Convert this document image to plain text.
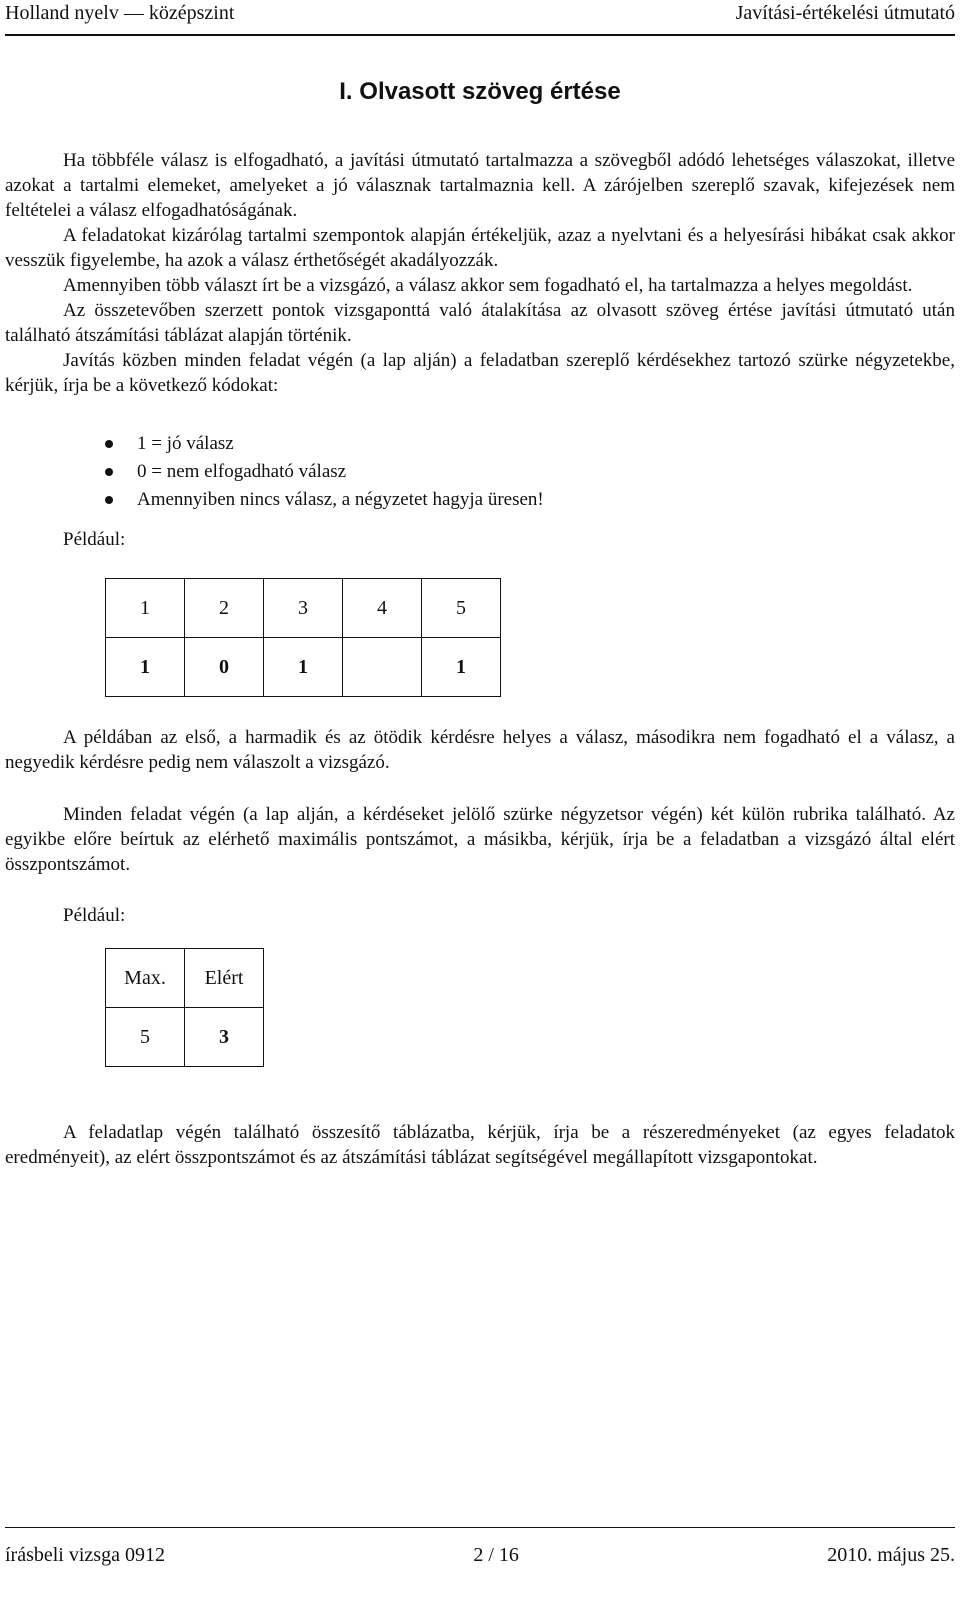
Holland nyelv — középszint	Javítási-értékelési útmutató
I. Olvasott szöveg értése

Ha többféle válasz is elfogadható, a javítási útmutató tartalmazza a szövegből adódó lehetséges válaszokat, illetve azokat a tartalmi elemeket, amelyeket a jó válasznak tartalmaznia kell. A zárójelben szereplő szavak, kifejezések nem feltételei a válasz elfogadhatóságának.

A feladatokat kizárólag tartalmi szempontok alapján értékeljük, azaz a nyelvtani és a helyesírási hibákat csak akkor vesszük figyelembe, ha azok a válasz érthetőségét akadályozzák.

Amennyiben több választ írt be a vizsgázó, a válasz akkor sem fogadható el, ha tartalmazza a helyes megoldást.

Az összetevőben szerzett pontok vizsgaponttá való átalakítása az olvasott szöveg értése javítási útmutató után található átszámítási táblázat alapján történik.

Javítás közben minden feladat végén (a lap alján) a feladatban szereplő kérdésekhez tartozó szürke négyzetekbe, kérjük, írja be a következő kódokat:

1 = jó válasz
0 = nem elfogadható válasz
Amennyiben nincs válasz, a négyzetet hagyja üresen!
Például:
1	2	3	4	5
1	0	1		1

A példában az első, a harmadik és az ötödik kérdésre helyes a válasz, másodikra nem fogadható el a válasz, a negyedik kérdésre pedig nem válaszolt a vizsgázó.

Minden feladat végén (a lap alján, a kérdéseket jelölő szürke négyzetsor végén) két külön rubrika található. Az egyikbe előre beírtuk az elérhető maximális pontszámot, a másikba, kérjük, írja be a feladatban a vizsgázó által elért összpontszámot.

Például:
Max.	Elért
5	3

A feladatlap végén található összesítő táblázatba, kérjük, írja be a részeredményeket (az egyes feladatok eredményeit), az elért összpontszámot és az átszámítási táblázat segítségével megállapított vizsgapontokat.

írásbeli vizsga 0912	2 / 16	2010. május 25.
